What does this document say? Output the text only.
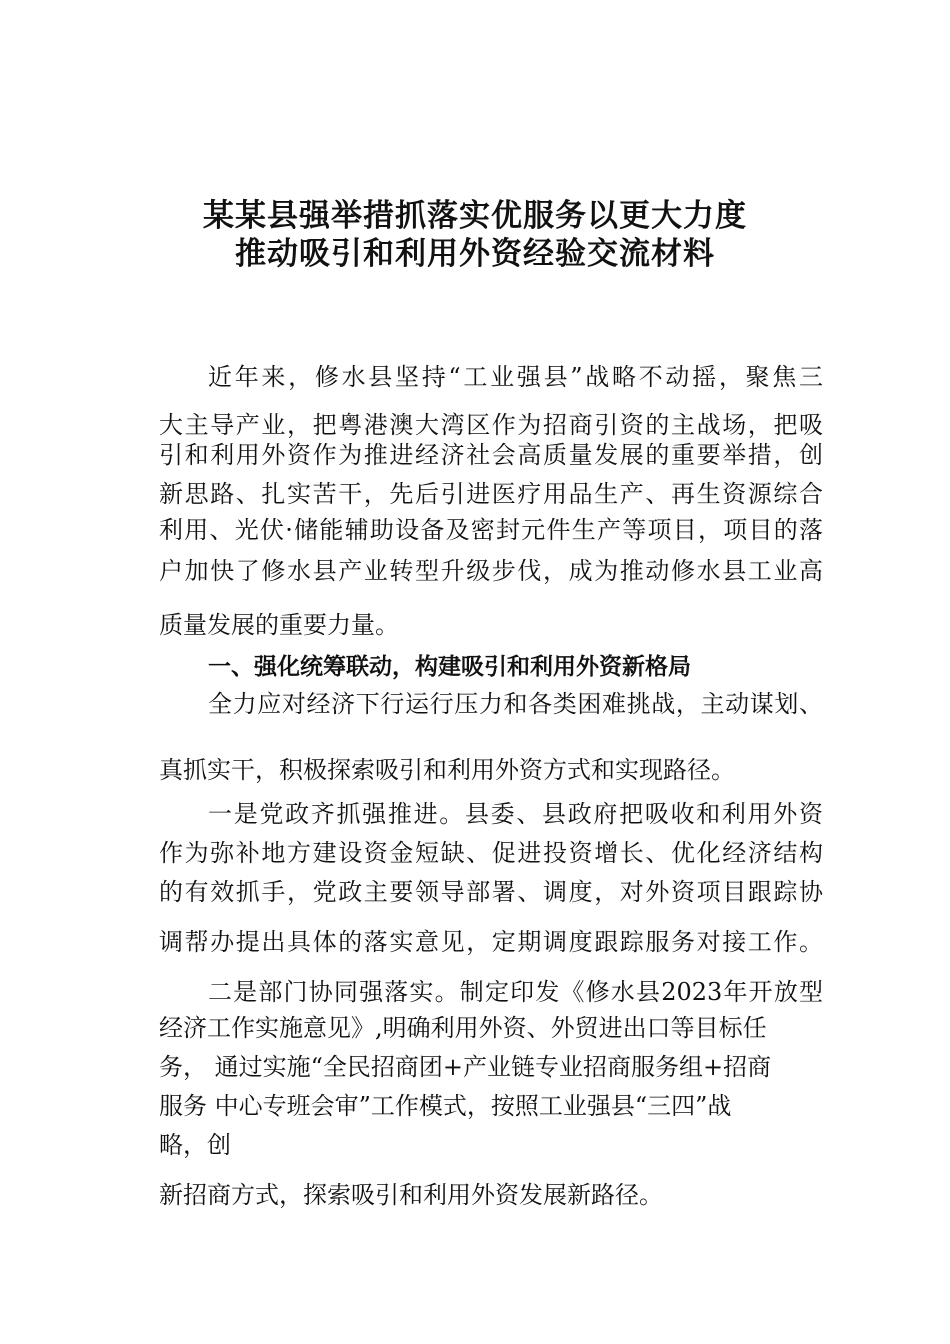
某某县强举措抓落实优服务以更大力度
推动吸引和利用外资经验交流材料
近年来，修水县坚持“工业强县”战略不动摇，聚焦三
大主导产业，把粤港澳大湾区作为招商引资的主战场，把吸
引和利用外资作为推进经济社会高质量发展的重要举措，创
新思路、扎实苦干，先后引进医疗用品生产、再生资源综合
利用、光伏·储能辅助设备及密封元件生产等项目，项目的落
户加快了修水县产业转型升级步伐，成为推动修水县工业高
质量发展的重要力量。
一、强化统筹联动，构建吸引和利用外资新格局
全力应对经济下行运行压力和各类困难挑战，主动谋划、
真抓实干，积极探索吸引和利用外资方式和实现路径。
一是党政齐抓强推进。县委、县政府把吸收和利用外资
作为弥补地方建设资金短缺、促进投资增长、优化经济结构
的有效抓手，党政主要领导部署、调度，对外资项目跟踪协
调帮办提出具体的落实意见，定期调度跟踪服务对接工作。
二是部门协同强落实。制定印发《修水县2023年开放型
经济工作实施意见》,明确利用外资、外贸进出口等目标任
务， 通过实施“全民招商团+产业链专业招商服务组+招商
服务 中心专班会审”工作模式，按照工业强县“三四”战
略，创
新招商方式，探索吸引和利用外资发展新路径。
